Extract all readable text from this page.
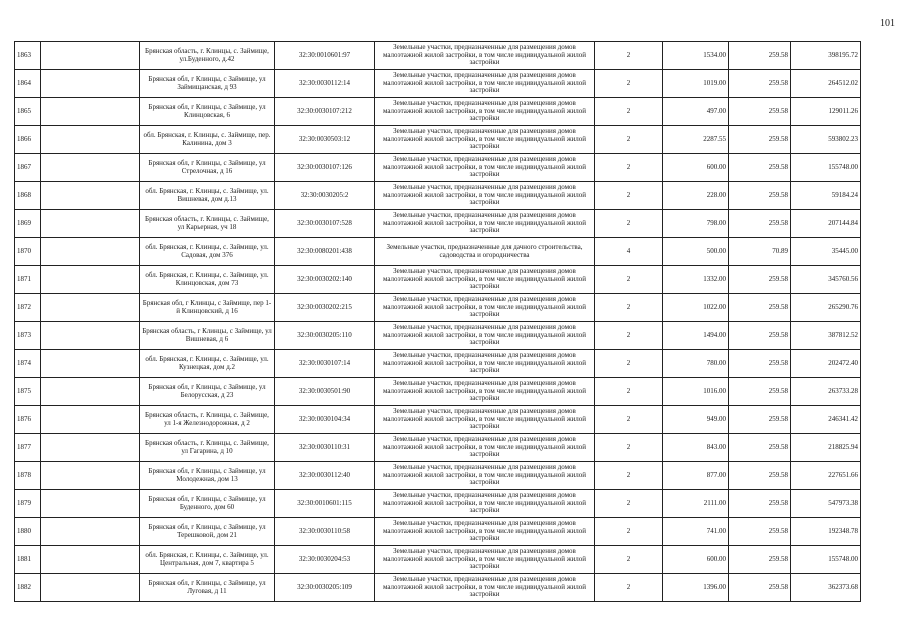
101
1863		Брянская область, г. Клинцы, с. Займище, ул.Буденного, д.42	32:30:0010601:97	Земельные участки, предназначенные для размещения домов малоэтажной жилой застройки, в том числе индивидуальной жилой застройки	2	1534.00	259.58	398195.72
1864		Брянская обл, г Клинцы, с Займище, ул Займищанская, д 93	32:30:0030112:14	Земельные участки, предназначенные для размещения домов малоэтажной жилой застройки, в том числе индивидуальной жилой застройки	2	1019.00	259.58	264512.02
1865		Брянская обл, г Клинцы, с Займище, ул Клинцовская, 6	32:30:0030107:212	Земельные участки, предназначенные для размещения домов малоэтажной жилой застройки, в том числе индивидуальной жилой застройки	2	497.00	259.58	129011.26
1866		обл. Брянская, г. Клинцы, с. Займище, пер. Калинина, дом 3	32:30:0030503:12	Земельные участки, предназначенные для размещения домов малоэтажной жилой застройки, в том числе индивидуальной жилой застройки	2	2287.55	259.58	593802.23
1867		Брянская обл, г Клинцы, с Займище, ул Стрелочная, д 16	32:30:0030107:126	Земельные участки, предназначенные для размещения домов малоэтажной жилой застройки, в том числе индивидуальной жилой застройки	2	600.00	259.58	155748.00
1868		обл. Брянская, г. Клинцы, с. Займище, ул. Вишневая, дом д.13	32:30:0030205:2	Земельные участки, предназначенные для размещения домов малоэтажной жилой застройки, в том числе индивидуальной жилой застройки	2	228.00	259.58	59184.24
1869		Брянская область, г. Клинцы, с. Займище, ул Карьерная, уч 18	32:30:0030107:528	Земельные участки, предназначенные для размещения домов малоэтажной жилой застройки, в том числе индивидуальной жилой застройки	2	798.00	259.58	207144.84
1870		обл. Брянская, г. Клинцы, с. Займище, ул. Садовая, дом 376	32:30:0080201:438	Земельные участки, предназначенные для дачного строительства, садоводства и огородничества	4	500.00	70.89	35445.00
1871		обл. Брянская, г. Клинцы, с. Займище, ул. Клинцовская, дом 73	32:30:0030202:140	Земельные участки, предназначенные для размещения домов малоэтажной жилой застройки, в том числе индивидуальной жилой застройки	2	1332.00	259.58	345760.56
1872		Брянская обл, г Клинцы, с Займище, пер 1-й Клинцовский, д 16	32:30:0030202:215	Земельные участки, предназначенные для размещения домов малоэтажной жилой застройки, в том числе индивидуальной жилой застройки	2	1022.00	259.58	265290.76
1873		Брянская область, г Клинцы, с Займище, ул Вишневая, д 6	32:30:0030205:110	Земельные участки, предназначенные для размещения домов малоэтажной жилой застройки, в том числе индивидуальной жилой застройки	2	1494.00	259.58	387812.52
1874		обл. Брянская, г. Клинцы, с. Займище, ул. Кузнецкая, дом д.2	32:30:0030107:14	Земельные участки, предназначенные для размещения домов малоэтажной жилой застройки, в том числе индивидуальной жилой застройки	2	780.00	259.58	202472.40
1875		Брянская обл, г Клинцы, с Займище, ул Белорусская, д 23	32:30:0030501:90	Земельные участки, предназначенные для размещения домов малоэтажной жилой застройки, в том числе индивидуальной жилой застройки	2	1016.00	259.58	263733.28
1876		Брянская область, г. Клинцы, с. Займище, ул 1-я Железнодорожная, д 2	32:30:0030104:34	Земельные участки, предназначенные для размещения домов малоэтажной жилой застройки, в том числе индивидуальной жилой застройки	2	949.00	259.58	246341.42
1877		Брянская область, г. Клинцы, с. Займище, ул Гагарина, д 10	32:30:0030110:31	Земельные участки, предназначенные для размещения домов малоэтажной жилой застройки, в том числе индивидуальной жилой застройки	2	843.00	259.58	218825.94
1878		Брянская обл, г Клинцы, с Займище, ул Молодежная, дом 13	32:30:0030112:40	Земельные участки, предназначенные для размещения домов малоэтажной жилой застройки, в том числе индивидуальной жилой застройки	2	877.00	259.58	227651.66
1879		Брянская обл, г Клинцы, с Займище, ул Буденного, дом 60	32:30:0010601:115	Земельные участки, предназначенные для размещения домов малоэтажной жилой застройки, в том числе индивидуальной жилой застройки	2	2111.00	259.58	547973.38
1880		Брянская обл, г Клинцы, с Займище, ул Терешковой, дом 21	32:30:0030110:58	Земельные участки, предназначенные для размещения домов малоэтажной жилой застройки, в том числе индивидуальной жилой застройки	2	741.00	259.58	192348.78
1881		обл. Брянская, г. Клинцы, с. Займище, ул. Центральная, дом 7, квартира 5	32:30:0030204:53	Земельные участки, предназначенные для размещения домов малоэтажной жилой застройки, в том числе индивидуальной жилой застройки	2	600.00	259.58	155748.00
1882		Брянская обл, г Клинцы, с Займище, ул Луговая, д 11	32:30:0030205:109	Земельные участки, предназначенные для размещения домов малоэтажной жилой застройки, в том числе индивидуальной жилой застройки	2	1396.00	259.58	362373.68
